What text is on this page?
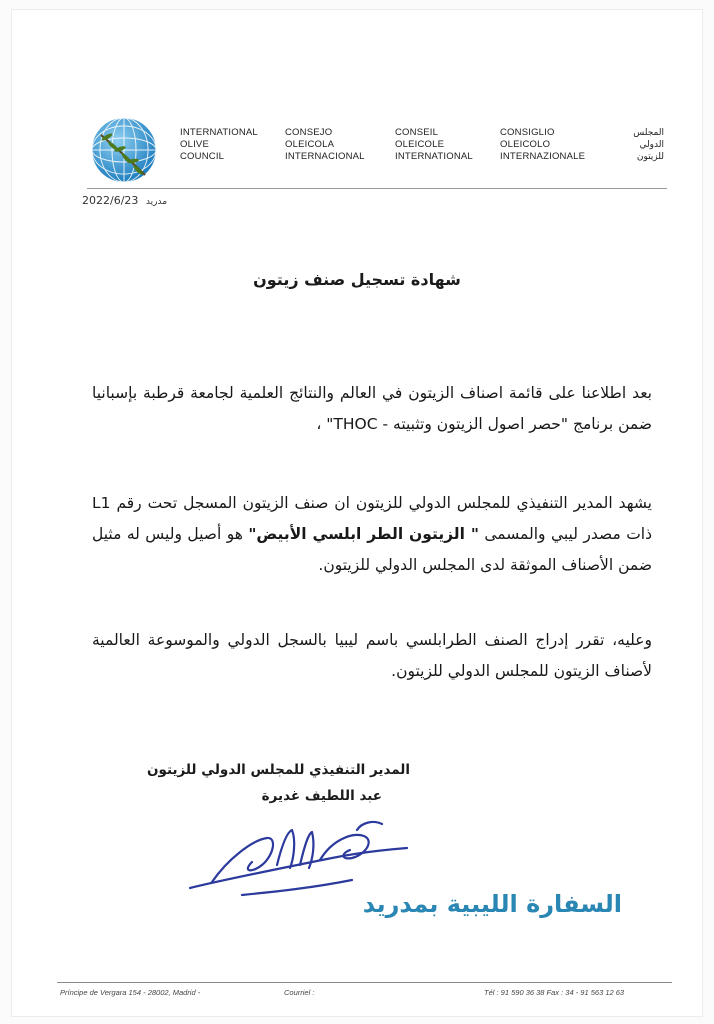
INTERNATIONAL
OLIVE
COUNCIL
CONSEJO
OLEICOLA
INTERNACIONAL
CONSEIL
OLEICOLE
INTERNATIONAL
CONSIGLIO
OLEICOLO
INTERNAZIONALE
المجلس
الدولي
للزيتون
مدريد 2022/6/23
شهادة تسجيل صنف زيتون
بعد اطلاعنا على قائمة اصناف الزيتون في العالم والنتائج العلمية لجامعة قرطبة بإسبانيا ضمن برنامج "حصر اصول الزيتون وتثبيته - THOC" ،
يشهد المدير التنفيذي للمجلس الدولي للزيتون ان صنف الزيتون المسجل تحت رقم L1 ذات مصدر ليبي والمسمى " الزيتون الطر ابلسي الأبيض" هو أصيل وليس له مثيل ضمن الأصناف الموثقة لدى المجلس الدولي للزيتون.
وعليه، تقرر إدراج الصنف الطرابلسي باسم ليبيا بالسجل الدولي والموسوعة العالمية لأصناف الزيتون للمجلس الدولي للزيتون.
المدير التنفيذي للمجلس الدولي للزيتون
عبد اللطيف غديرة
السفارة الليبية بمدريد
Príncipe de Vergara 154 - 28002, Madrid -	Courriel :	Tél : 91 590 36 38 Fax : 34 - 91 563 12 63
